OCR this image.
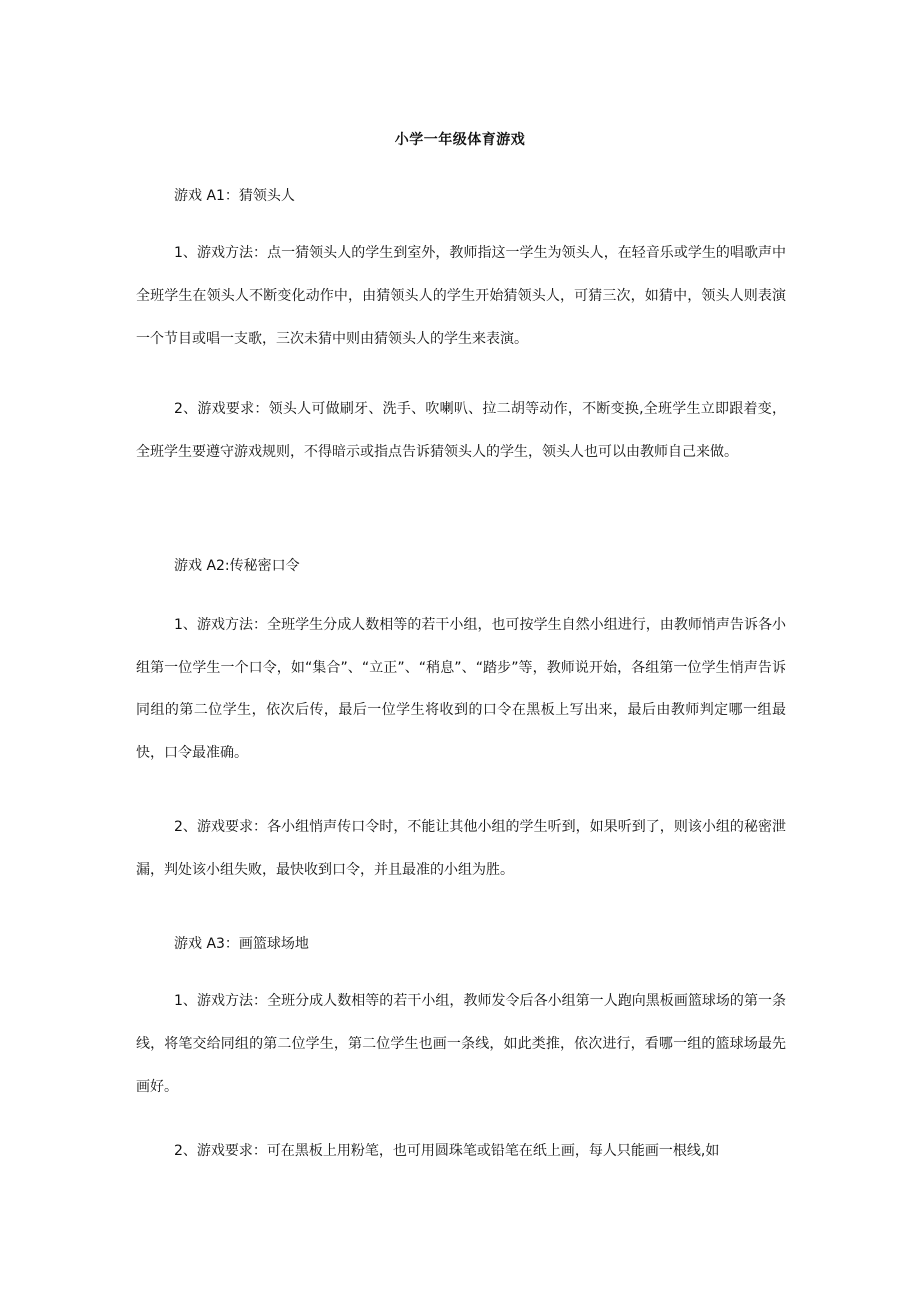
小学一年级体育游戏
游戏 A1：猜领头人

1、游戏方法：点一猜领头人的学生到室外，教师指这一学生为领头人，在轻音乐或学生的唱歌声中全班学生在领头人不断变化动作中，由猜领头人的学生开始猜领头人，可猜三次，如猜中，领头人则表演一个节目或唱一支歌，三次未猜中则由猜领头人的学生来表演。

2、游戏要求：领头人可做刷牙、洗手、吹喇叭、拉二胡等动作，不断变换,全班学生立即跟着变，全班学生要遵守游戏规则，不得暗示或指点告诉猜领头人的学生，领头人也可以由教师自己来做。

游戏 A2:传秘密口令

1、游戏方法：全班学生分成人数相等的若干小组，也可按学生自然小组进行，由教师悄声告诉各小组第一位学生一个口令，如“集合”、“立正”、“稍息”、“踏步”等，教师说开始，各组第一位学生悄声告诉同组的第二位学生，依次后传，最后一位学生将收到的口令在黑板上写出来，最后由教师判定哪一组最快，口令最准确。

2、游戏要求：各小组悄声传口令时，不能让其他小组的学生听到，如果听到了，则该小组的秘密泄漏，判处该小组失败，最快收到口令，并且最准的小组为胜。

游戏 A3：画篮球场地

1、游戏方法：全班分成人数相等的若干小组，教师发令后各小组第一人跑向黑板画篮球场的第一条线，将笔交给同组的第二位学生，第二位学生也画一条线，如此类推，依次进行，看哪一组的篮球场最先画好。

2、游戏要求：可在黑板上用粉笔，也可用圆珠笔或铅笔在纸上画，每人只能画一根线,如
